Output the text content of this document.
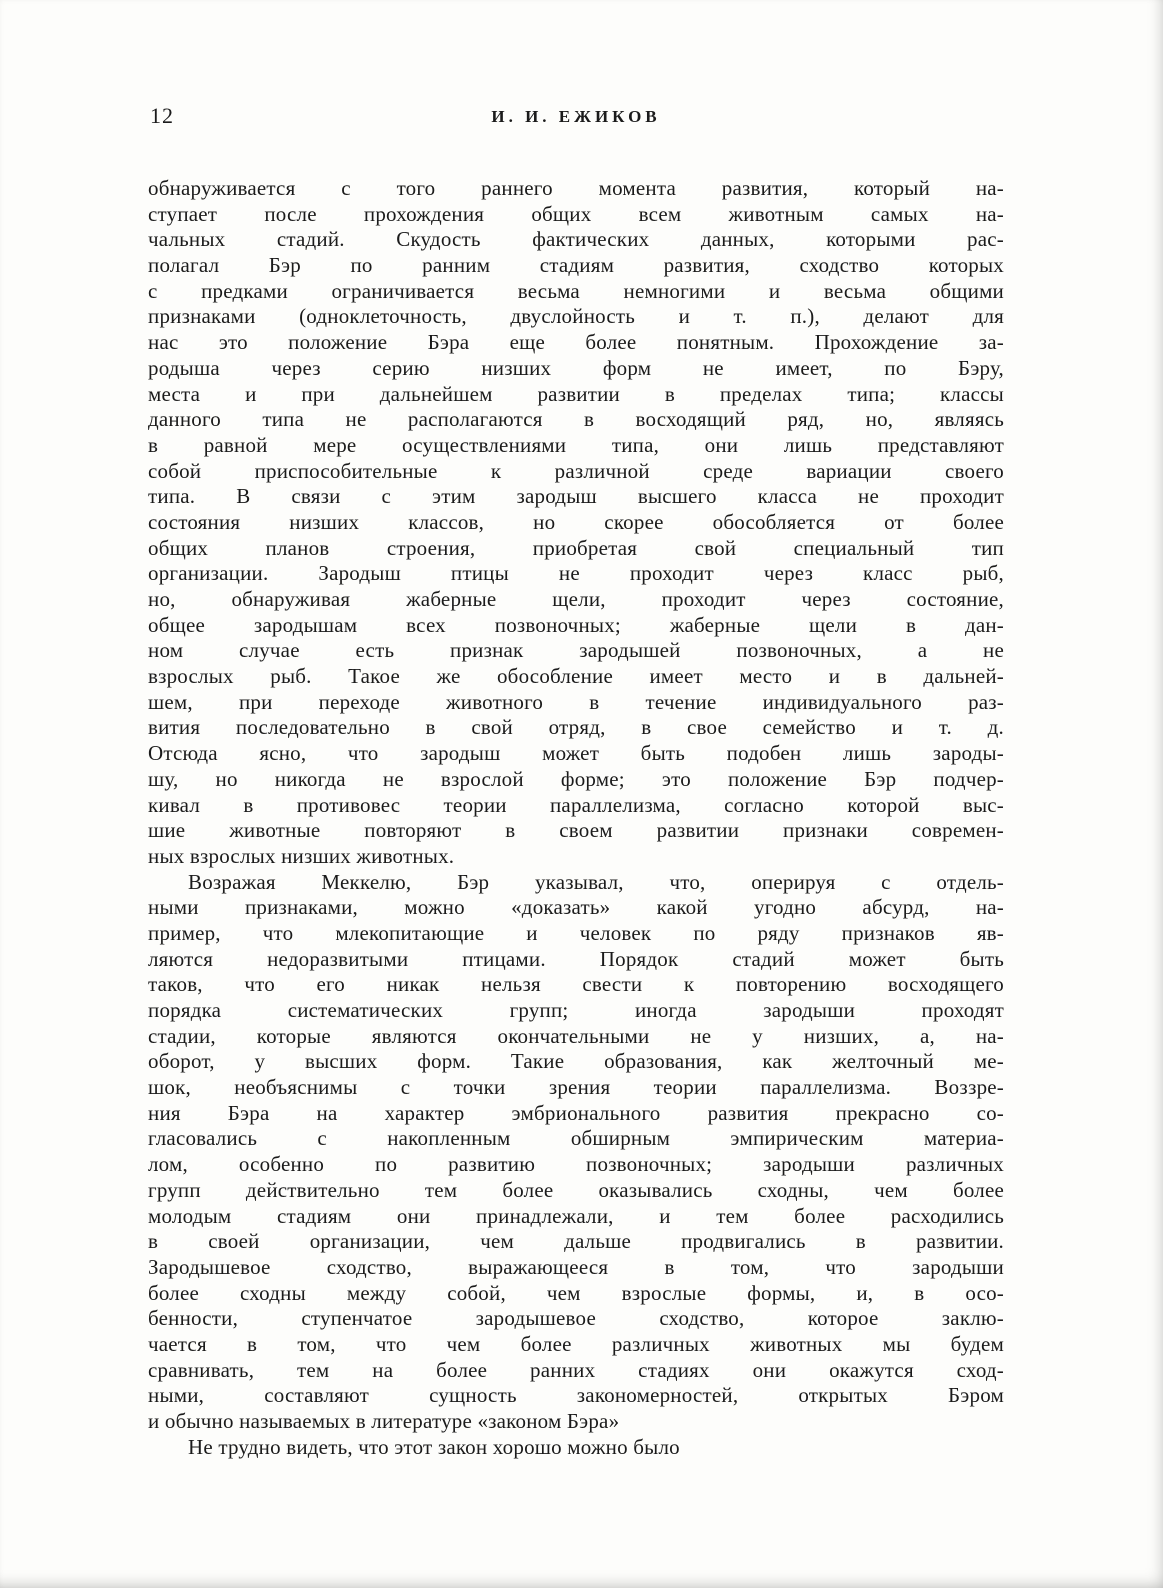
12	И. И. ЕЖИКОВ
обнаруживается с того раннего момента развития, который на-
ступает после прохождения общих всем животным самых на-
чальных стадий. Скудость фактических данных, которыми рас-
полагал Бэр по ранним стадиям развития, сходство которых
с предками ограничивается весьма немногими и весьма общими
признаками (одноклеточность, двуслойность и т. п.), делают для
нас это положение Бэра еще более понятным. Прохождение за-
родыша через серию низших форм не имеет, по Бэру,
места и при дальнейшем развитии в пределах типа; классы
данного типа не располагаются в восходящий ряд, но, являясь
в равной мере осуществлениями типа, они лишь представляют
собой приспособительные к различной среде вариации своего
типа. В связи с этим зародыш высшего класса не проходит
состояния низших классов, но скорее обособляется от более
общих планов строения, приобретая свой специальный тип
организации. Зародыш птицы не проходит через класс рыб,
но, обнаруживая жаберные щели, проходит через состояние,
общее зародышам всех позвоночных; жаберные щели в дан-
ном случае есть признак зародышей позвоночных, а не
взрослых рыб. Такое же обособление имеет место и в дальней-
шем, при переходе животного в течение индивидуального раз-
вития последовательно в свой отряд, в свое семейство и т. д.
Отсюда ясно, что зародыш может быть подобен лишь зароды-
шу, но никогда не взрослой форме; это положение Бэр подчер-
кивал в противовес теории параллелизма, согласно которой выс-
шие животные повторяют в своем развитии признаки современ-
ных взрослых низших животных.
Возражая Меккелю, Бэр указывал, что, оперируя с отдель-
ными признаками, можно «доказать» какой угодно абсурд, на-
пример, что млекопитающие и человек по ряду признаков яв-
ляются недоразвитыми птицами. Порядок стадий может быть
таков, что его никак нельзя свести к повторению восходящего
порядка систематических групп; иногда зародыши проходят
стадии, которые являются окончательными не у низших, а, на-
оборот, у высших форм. Такие образования, как желточный ме-
шок, необъяснимы с точки зрения теории параллелизма. Воззре-
ния Бэра на характер эмбрионального развития прекрасно со-
гласовались с накопленным обширным эмпирическим материа-
лом, особенно по развитию позвоночных; зародыши различных
групп действительно тем более оказывались сходны, чем более
молодым стадиям они принадлежали, и тем более расходились
в своей организации, чем дальше продвигались в развитии.
Зародышевое сходство, выражающееся в том, что зародыши
более сходны между собой, чем взрослые формы, и, в осо-
бенности, ступенчатое зародышевое сходство, которое заклю-
чается в том, что чем более различных животных мы будем
сравнивать, тем на более ранних стадиях они окажутся сход-
ными, составляют сущность закономерностей, открытых Бэром
и обычно называемых в литературе «законом Бэра»
Не трудно видеть, что этот закон хорошо можно было
